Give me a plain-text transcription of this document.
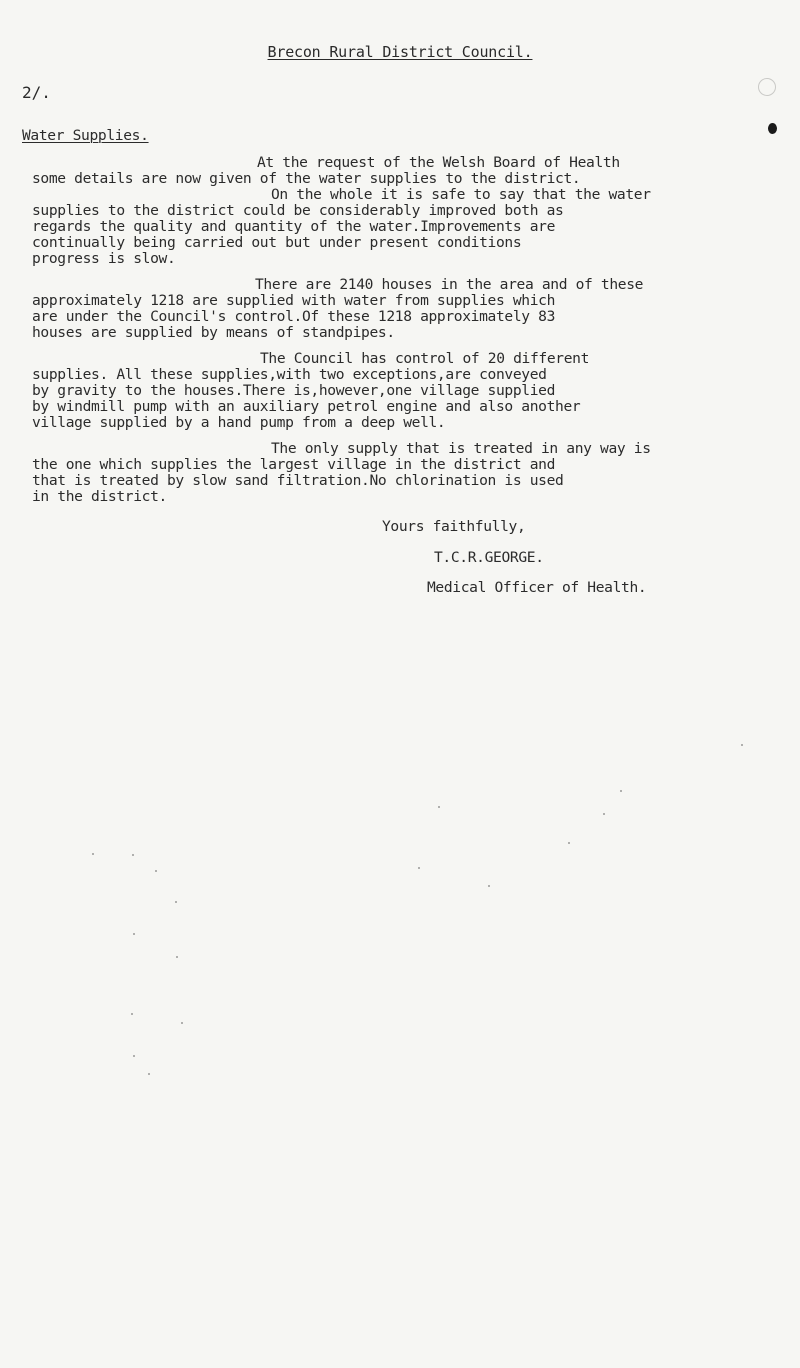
Brecon Rural District Council.
2/.
Water Supplies.
At the request of the Welsh Board of Health
some details are now given of the water supplies to the district.
On the whole it is safe to say that the water
supplies to the district could be considerably improved both as
regards the quality and quantity of the water.Improvements are
continually being carried out but under present conditions
progress is slow.
There are 2140 houses in the area and of these
approximately 1218 are supplied with water from supplies which
are under the Council's control.Of these 1218 approximately 83
houses are supplied by means of standpipes.
The Council has control of 20 different
supplies. All these supplies,with two exceptions,are conveyed
by gravity to the houses.There is,however,one village supplied
by windmill pump with an auxiliary petrol engine and also another
village supplied by a hand pump from a deep well.
The only supply that is treated in any way is
the one which supplies the largest village in the district and
that is treated by slow sand filtration.No chlorination is used
in the district.
Yours faithfully,
T.C.R.GEORGE.
Medical Officer of Health.
